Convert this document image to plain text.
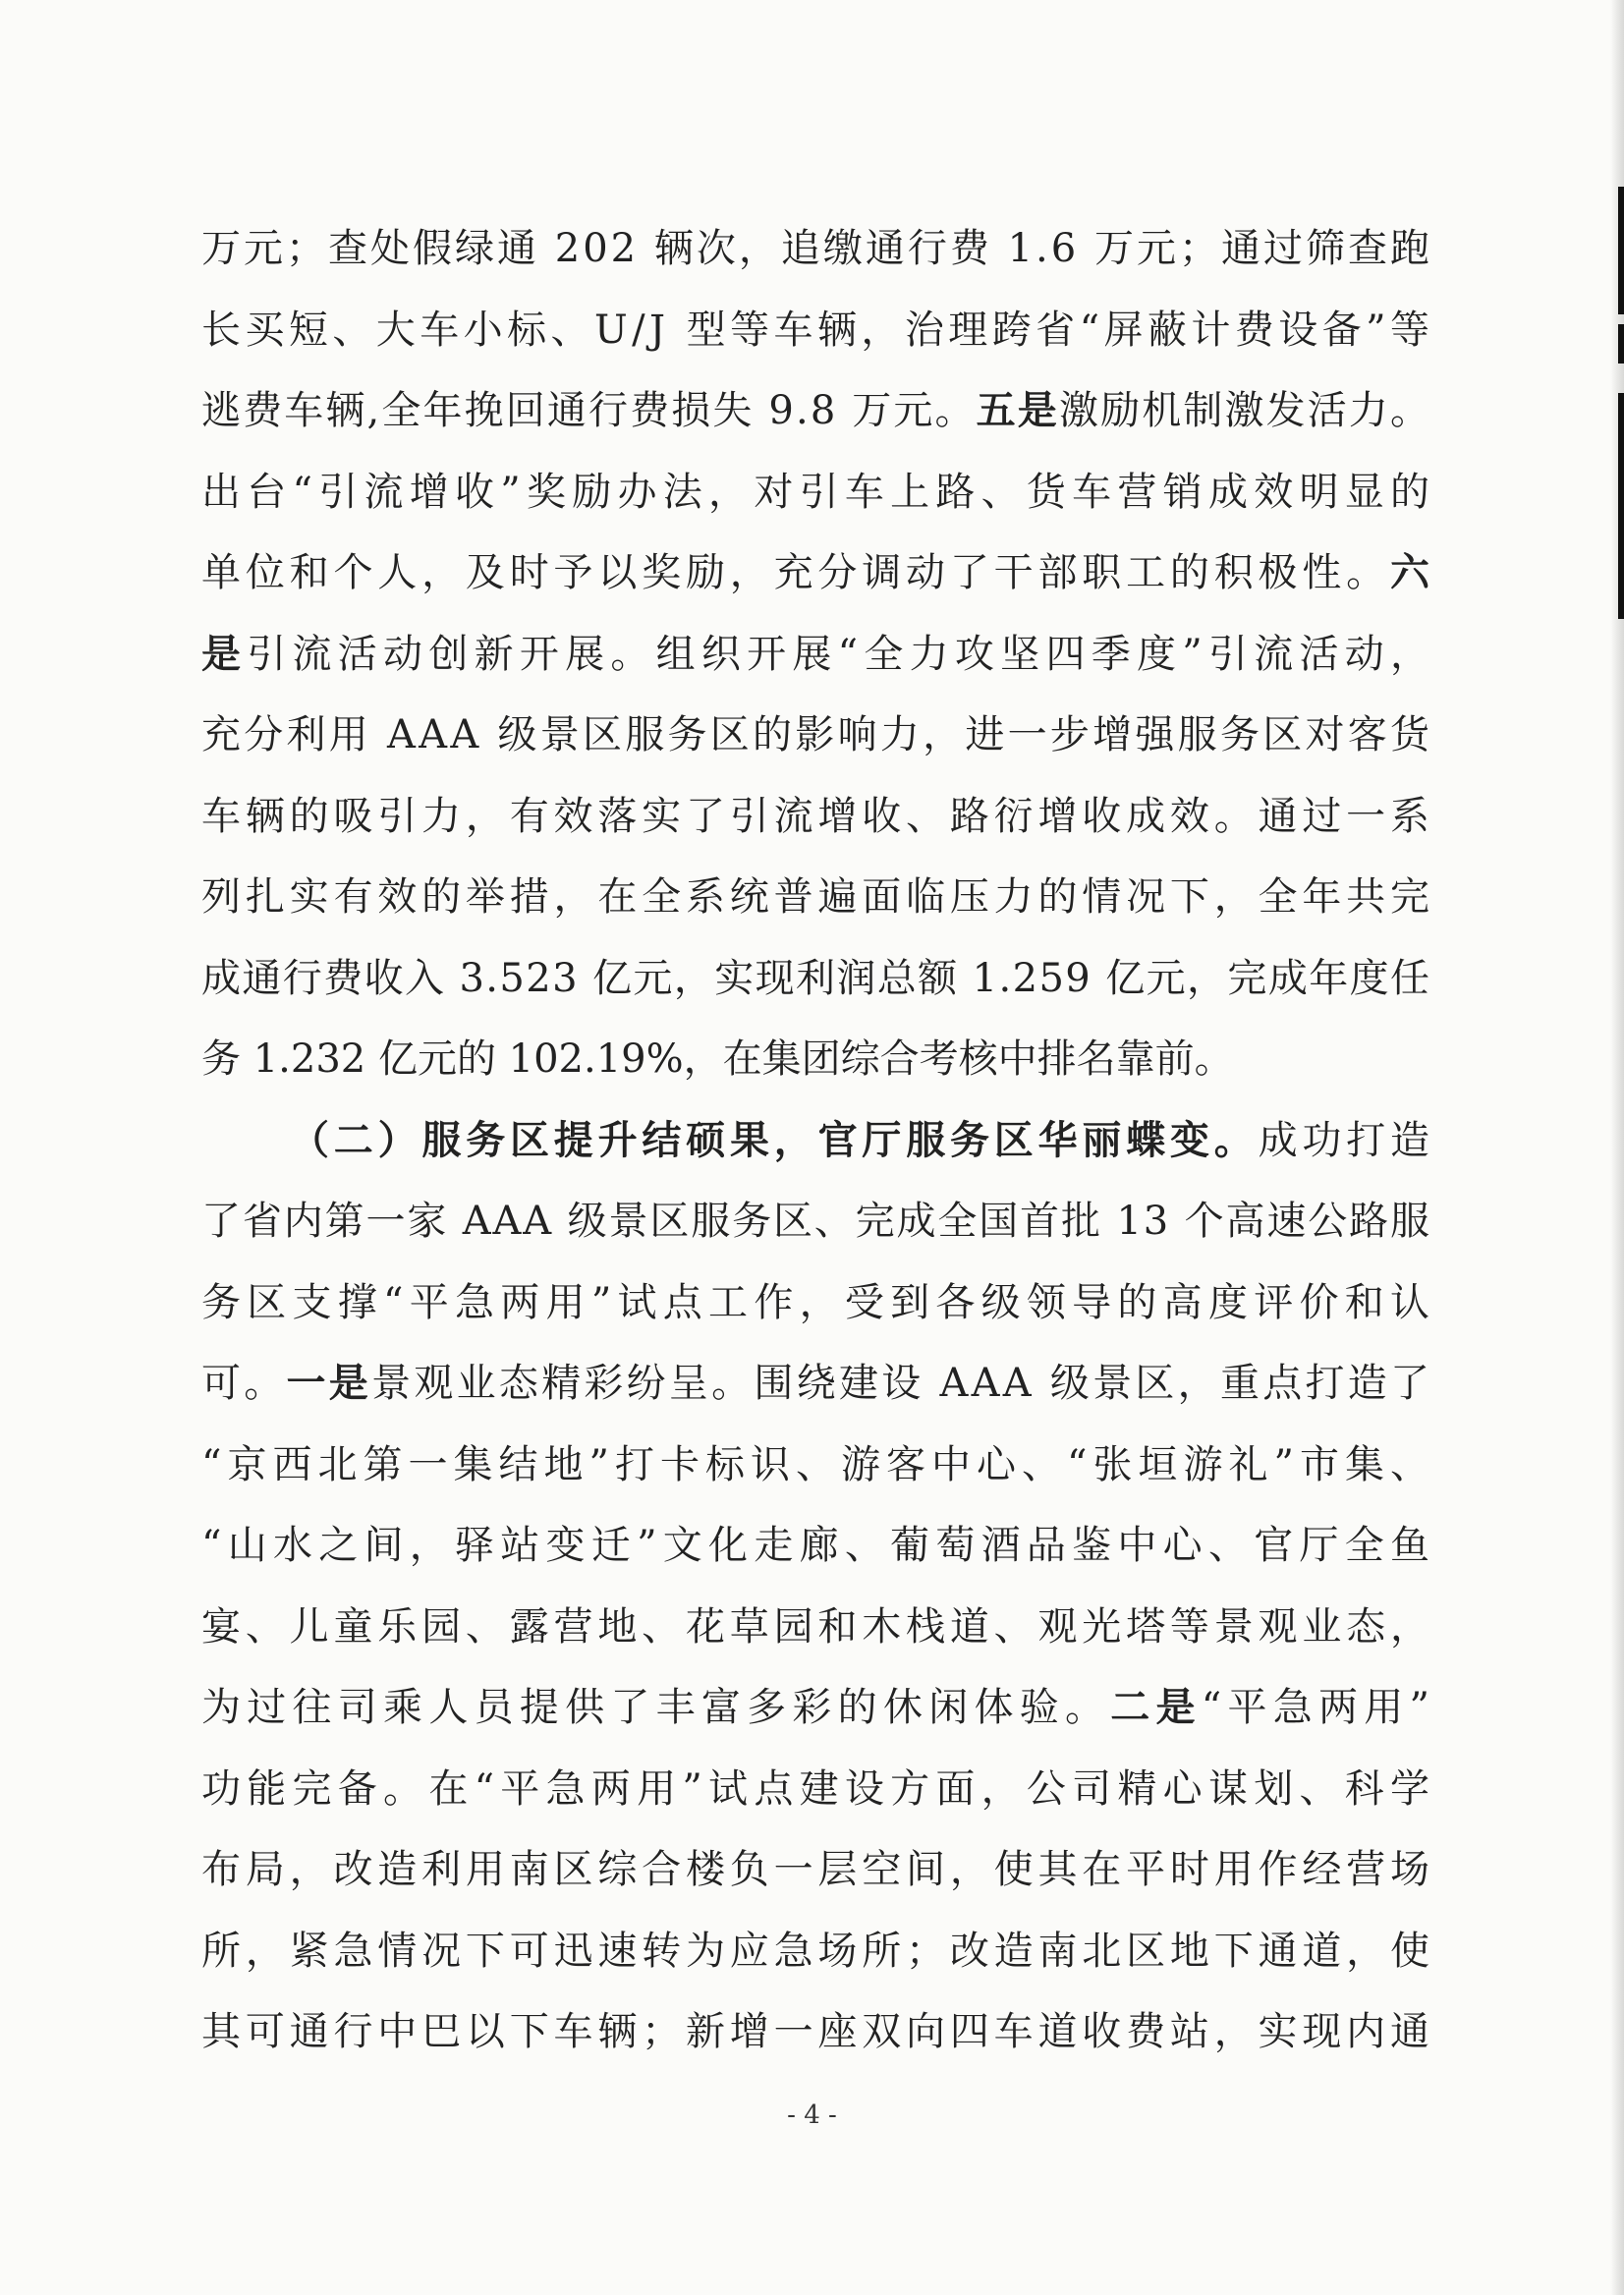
万元；查处假绿通 202 辆次，追缴通行费 1.6 万元；通过筛查跑
长买短、大车小标、U/J 型等车辆，治理跨省“屏蔽计费设备”等
逃费车辆,全年挽回通行费损失 9.8 万元。 五是 激励机制激发活力。
出台“引流增收”奖励办法，对引车上路、货车营销成效明显的
单位和个人，及时予以奖励，充分调动了干部职工的积极性。 六
是 引流活动创新开展。组织开展“全力攻坚四季度”引流活动，
充分利用 AAA 级景区服务区的影响力，进一步增强服务区对客货
车辆的吸引力，有效落实了引流增收、路衍增收成效。通过一系
列扎实有效的举措，在全系统普遍面临压力的情况下，全年共完
成通行费收入 3.523 亿元，实现利润总额 1.259 亿元，完成年度任
务 1.232 亿元的 102.19%，在集团综合考核中排名靠前。
（二）服务区提升结硕果，官厅服务区华丽蝶变。 成功打造
了省内第一家 AAA 级景区服务区、完成全国首批 13 个高速公路服
务区支撑“平急两用”试点工作，受到各级领导的高度评价和认
可。 一是 景观业态精彩纷呈。围绕建设 AAA 级景区，重点打造了
“京西北第一集结地”打卡标识、游客中心、“张垣游礼”市集、
“山水之间，驿站变迁”文化走廊、葡萄酒品鉴中心、官厅全鱼
宴、儿童乐园、露营地、花草园和木栈道、观光塔等景观业态，
为过往司乘人员提供了丰富多彩的休闲体验。 二是 “平急两用”
功能完备。在“平急两用”试点建设方面，公司精心谋划、科学
布局，改造利用南区综合楼负一层空间，使其在平时用作经营场
所，紧急情况下可迅速转为应急场所；改造南北区地下通道，使
其可通行中巴以下车辆；新增一座双向四车道收费站，实现内通
- 4 -
